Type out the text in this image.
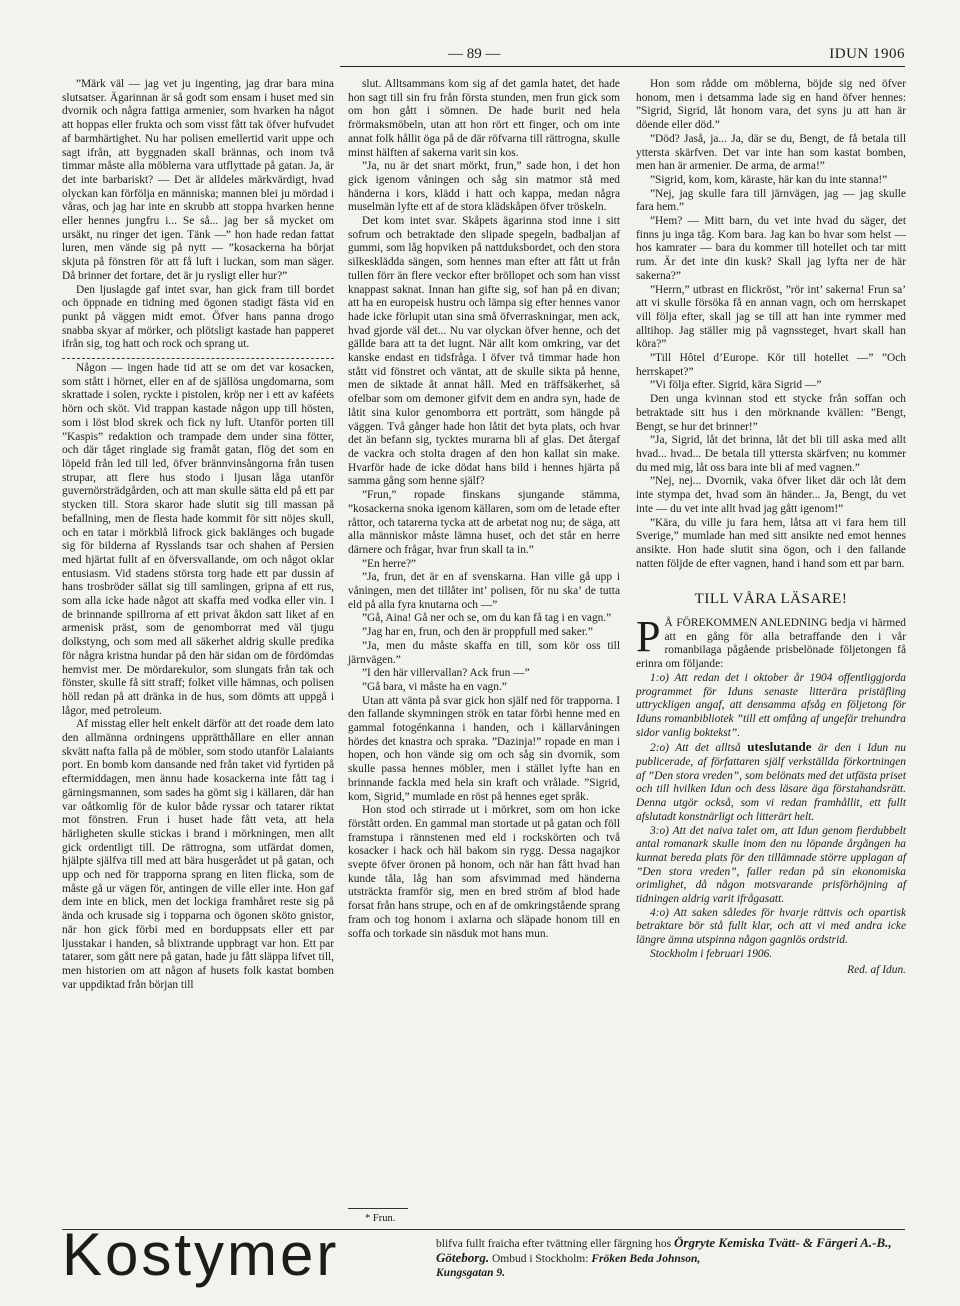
— 89 —	IDUN 1906

”Märk väl — jag vet ju ingenting, jag drar bara mina slutsatser. Ägarinnan är så godt som ensam i huset med sin dvornik och några fattiga armenier, som hvarken ha något att hoppas eller frukta och som visst fått tak öfver hufvudet af barmhärtighet. Nu har polisen emellertid varit uppe och sagt ifrån, att byggnaden skall brännas, och inom två timmar måste alla möblerna vara utflyttade på gatan. Ja, är det inte barbariskt? — Det är alldeles märkvärdigt, hvad olyckan kan förfölja en människa; mannen blei ju mördad i våras, och jag har inte en skrubb att stoppa hvarken henne eller hennes jungfru i... Se så... jag ber så mycket om ursäkt, nu ringer det igen. Tänk —” hon hade redan fattat luren, men vände sig på nytt — ”kosackerna ha börjat skjuta på fönstren för att få luft i luckan, som man säger. Då brinner det fortare, det är ju rysligt eller hur?”

Den ljuslagde gaf intet svar, han gick fram till bordet och öppnade en tidning med ögonen stadigt fästa vid en punkt på väggen midt emot. Öfver hans panna drogo snabba skyar af mörker, och plötsligt kastade han papperet ifrån sig, tog hatt och rock och sprang ut.

Någon — ingen hade tid att se om det var kosacken, som stått i hörnet, eller en af de själlösa ungdomarna, som skrattade i solen, ryckte i pistolen, kröp ner i ett av kaféets hörn och sköt. Vid trappan kastade någon upp till hösten, som i löst blod skrek och fick ny luft. Utanför porten till ”Kaspis” redaktion och trampade dem under sina fötter, och där tåget ringlade sig framåt gatan, flög det som en löpeld från led till led, öfver brännvinsångorna från tusen strupar, att flere hus stodo i ljusan låga utanför guvernörsträdgården, och att man skulle sätta eld på ett par stycken till. Stora skaror hade slutit sig till massan på befallning, men de flesta hade kommit för sitt nöjes skull, och en tatar i mörkblå lifrock gick baklänges och bugade sig för bilderna af Rysslands tsar och shahen af Persien med hjärtat fullt af en öfversvallande, om och något oklar entusiasm. Vid stadens största torg hade ett par dussin af hans trosbröder sällat sig till samlingen, gripna af ett rus, som alla icke hade något att skaffa med vodka eller vin. I de brinnande spillrorna af ett privat åkdon satt liket af en armenisk präst, som de genomborrat med väl tjugu dolkstyng, och som med all säkerhet aldrig skulle predika för några kristna hundar på den här sidan om de fördömdas hemvist mer. De mördarekulor, som slungats från tak och fönster, skulle få sitt straff; folket ville hämnas, och polisen höll redan på att dränka in de hus, som dömts att uppgå i lågor, med petroleum.

Af misstag eller helt enkelt därför att det roade dem lato den allmänna ordningens upprätthållare en eller annan skvätt nafta falla på de möbler, som stodo utanför Lalaiants port. En bomb kom dansande ned från taket vid fyrtiden på eftermiddagen, men ännu hade kosackerna inte fått tag i gärningsmannen, som sades ha gömt sig i källaren, där han var oåtkomlig för de kulor både ryssar och tatarer riktat mot fönstren. Frun i huset hade fått veta, att hela härligheten skulle stickas i brand i mörkningen, men allt gick ordentligt till. De rättrogna, som utfärdat domen, hjälpte själfva till med att bära husgerådet ut på gatan, och upp och ned för trapporna sprang en liten flicka, som de måste gå ur vägen för, antingen de ville eller inte. Hon gaf dem inte en blick, men det lockiga framhåret reste sig på ända och krusade sig i topparna och ögonen sköto gnistor, när hon gick förbi med en borduppsats eller ett par ljusstakar i handen, så blixtrande uppbragt var hon. Ett par tatarer, som gått nere på gatan, hade ju fått släppa lifvet till, men historien om att någon af husets folk kastat bomben var uppdiktad från början till

slut. Alltsammans kom sig af det gamla hatet, det hade hon sagt till sin fru från första stunden, men frun gick som om hon gått i sömnen. De hade burit ned hela frörmaksmöbeln, utan att hon rört ett finger, och om inte annat folk hållit öga på de där röfvarna till rättrogna, skulle minst hälften af sakerna varit sin kos.

”Ja, nu är det snart mörkt, frun,” sade hon, i det hon gick igenom våningen och såg sin matmor stå med händerna i kors, klädd i hatt och kappa, medan några muselmän lyfte ett af de stora klädskåpen öfver tröskeln.

Det kom intet svar. Skåpets ägarinna stod inne i sitt sofrum och betraktade den slipade spegeln, badbaljan af gummi, som låg hopviken på nattduksbordet, och den stora silkesklädda sängen, som hennes man efter att fått ut från tullen förr än flere veckor efter bröllopet och som han visst knappast saknat. Innan han gifte sig, sof han på en divan; att ha en europeisk hustru och lämpa sig efter hennes vanor hade icke förlupit utan sina små öfverraskningar, men ack, hvad gjorde väl det... Nu var olyckan öfver henne, och det gällde bara att ta det lugnt. När allt kom omkring, var det kanske endast en tidsfråga. I öfver två timmar hade hon stått vid fönstret och väntat, att de skulle sikta på henne, men de siktade åt annat håll. Med en träffsäkerhet, så ofelbar som om demoner gifvit dem en andra syn, hade de låtit sina kulor genomborra ett porträtt, som hängde på väggen. Två gånger hade hon låtit det byta plats, och hvar det än befann sig, tycktes murarna bli af glas. Det återgaf de vackra och stolta dragen af den hon kallat sin make. Hvarför hade de icke dödat hans bild i hennes hjärta på samma gång som henne själf?

”Frun,” ropade finskans sjungande stämma, ”kosackerna snoka igenom källaren, som om de letade efter råttor, och tatarerna tycka att de arbetat nog nu; de säga, att alla människor måste lämna huset, och det står en herre därnere och frågar, hvar frun skall ta in.”

”En herre?”

”Ja, frun, det är en af svenskarna. Han ville gå upp i våningen, men det tillåter int’ polisen, för nu ska’ de tutta eld på alla fyra knutarna och —”

”Gå, Aina! Gå ner och se, om du kan få tag i en vagn.”

”Jag har en, frun, och den är proppfull med saker.”

”Ja, men du måste skaffa en till, som kör oss till järnvägen.”

”I den här villervallan? Ack frun —”

”Gå bara, vi måste ha en vagn.”

Utan att vänta på svar gick hon själf ned för trapporna. I den fallande skymningen strök en tatar förbi henne med en gammal fotogénkanna i handen, och i källarvåningen hördes det knastra och spraka. ”Dazinja!” ropade en man i hopen, och hon vände sig om och såg sin dvornik, som skulle passa hennes möbler, men i stället lyfte han en brinnande fackla med hela sin kraft och vrålade. ”Sigrid, kom, Sigrid,” mumlade en röst på hennes eget språk.

Hon stod och stirrade ut i mörkret, som om hon icke förstått orden. En gammal man stortade ut på gatan och föll framstupa i rännstenen med eld i rockskörten och två kosacker i hack och häl bakom sin rygg. Dessa nagajkor svepte öfver öronen på honom, och när han fått hvad han kunde tåla, låg han som afsvimmad med händerna utsträckta framför sig, men en bred ström af blod hade forsat från hans strupe, och en af de omkringstående sprang fram och tog honom i axlarna och släpade honom till en soffa och torkade sin näsduk mot hans mun.

Hon som rådde om möblerna, böjde sig ned öfver honom, men i detsamma lade sig en hand öfver hennes: ”Sigrid, Sigrid, låt honom vara, det syns ju att han är döende eller död.”

”Död? Jaså, ja... Ja, där se du, Bengt, de få betala till yttersta skärfven. Det var inte han som kastat bomben, men han är armenier. De arma, de arma!”

”Sigrid, kom, kom, käraste, här kan du inte stanna!”

”Nej, jag skulle fara till järnvägen, jag — jag skulle fara hem.”

”Hem? — Mitt barn, du vet inte hvad du säger, det finns ju inga tåg. Kom bara. Jag kan bo hvar som helst — hos kamrater — bara du kommer till hotellet och tar mitt rum. Är det inte din kusk? Skall jag lyfta ner de här sakerna?”

”Herrn,” utbrast en flickröst, ”rör int’ sakerna! Frun sa’ att vi skulle försöka få en annan vagn, och om herrskapet vill följa efter, skall jag se till att han inte rymmer med alltihop. Jag ställer mig på vagnssteget, hvart skall han köra?”

”Till Hôtel d’Europe. Kör till hotellet —” ”Och herrskapet?”

”Vi följa efter. Sigrid, kära Sigrid —”

Den unga kvinnan stod ett stycke från soffan och betraktade sitt hus i den mörknande kvällen: ”Bengt, Bengt, se hur det brinner!”

”Ja, Sigrid, låt det brinna, låt det bli till aska med allt hvad... hvad... De betala till yttersta skärfven; nu kommer du med mig, låt oss bara inte bli af med vagnen.”

”Nej, nej... Dvornik, vaka öfver liket där och låt dem inte stympa det, hvad som än händer... Ja, Bengt, du vet inte — du vet inte allt hvad jag gått igenom!”

”Kära, du ville ju fara hem, låtsa att vi fara hem till Sverige,” mumlade han med sitt ansikte ned emot hennes ansikte. Hon hade slutit sina ögon, och i den fallande natten följde de efter vagnen, hand i hand som ett par barn.

TILL VÅRA LÄSARE!

P Å FÖREKOMMEN ANLEDNING bedja vi härmed att en gång för alla betraffande den i vår romanbilaga pågående prisbelönade följetongen få erinra om följande:

1:o) Att redan det i oktober år 1904 offentliggjorda programmet för Iduns senaste litterära pristäfling uttryckligen angaf, att densamma afsåg en följetong för Iduns romanbibliotek ”till ett omfång af ungefär trehundra sidor vanlig boktekst”.

2:o) Att det alltså uteslutande är den i Idun nu publicerade, af författaren själf verkställda förkortningen af ”Den stora vreden”, som belönats med det utfästa priset och till hvilken Idun och dess läsare äga förstahandsrätt. Denna utgör också, som vi redan framhållit, ett fullt afslutadt konstnärligt och litterärt helt.

3:o) Att det naiva talet om, att Idun genom fierdubbelt antal romanark skulle inom den nu löpande årgången ha kunnat bereda plats för den tillämnade större upplagan af ”Den stora vreden”, faller redan på sin ekonomiska orimlighet, då någon motsvarande prisförhöjning af tidningen aldrig varit ifrågasatt.

4:o) Att saken således för hvarje rättvis och opartisk betraktare bör stå fullt klar, och att vi med andra icke längre ämna utspinna någon gagnlös ordstrid.

Stockholm i februari 1906.

Red. af Idun.

* Frun.
Kostymer	blifva fullt fraicha efter tvättning eller färgning hos Örgryte Kemiska Tvätt- & Färgeri A.-B., Göteborg. Ombud i Stockholm: Fröken Beda Johnson,
Kungsgatan 9.
